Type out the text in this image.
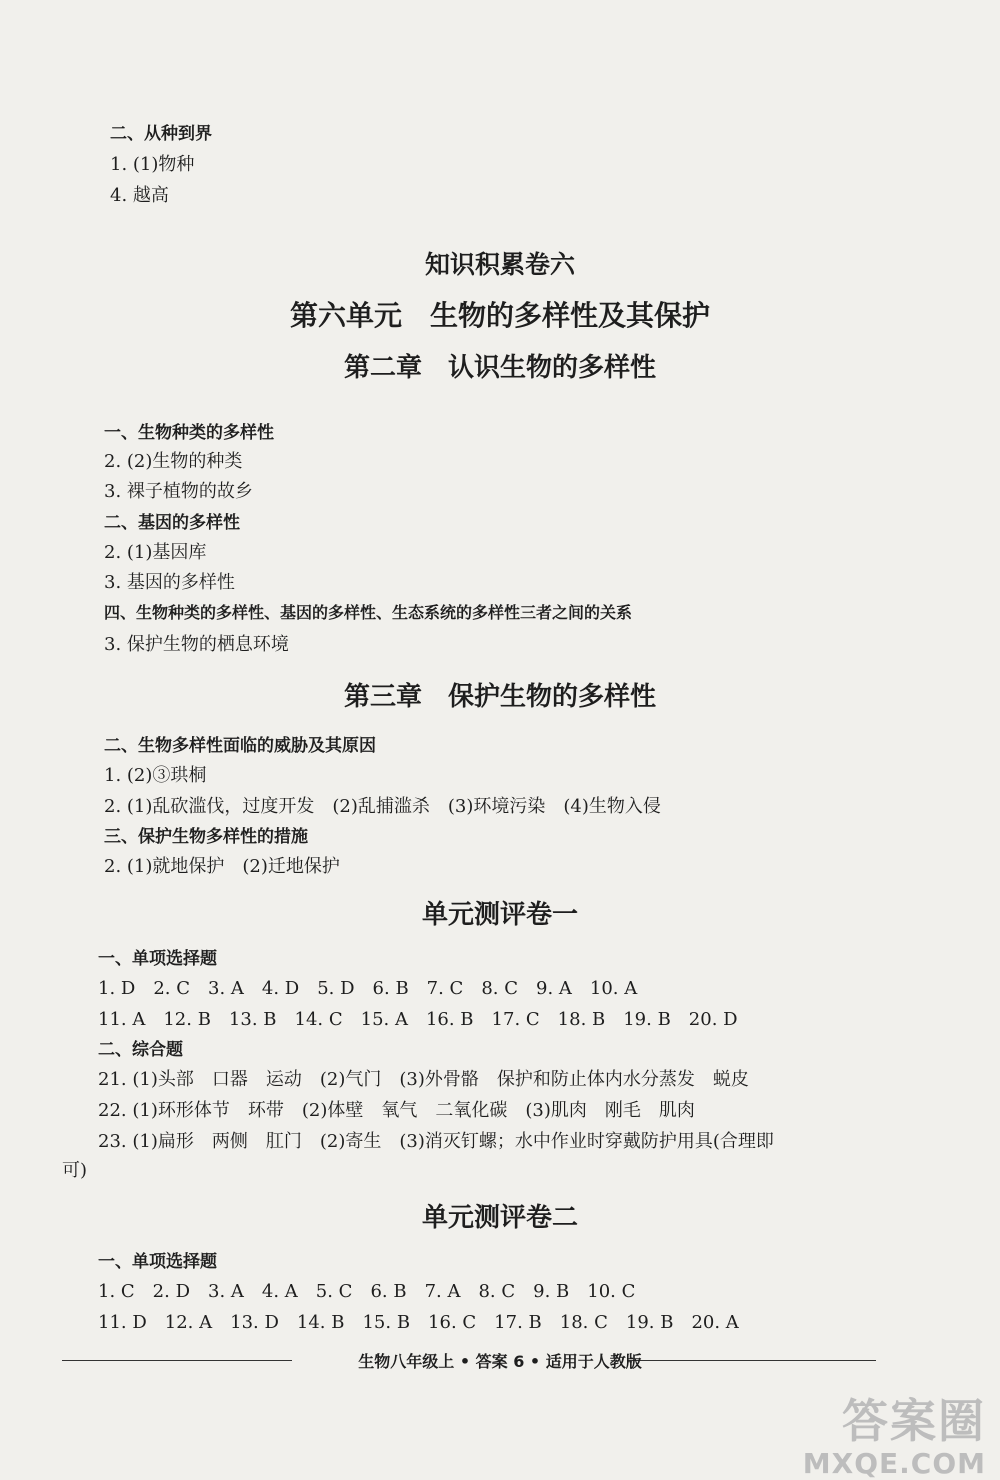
二、从种到界
1. (1)物种
4. 越高
知识积累卷六
第六单元　生物的多样性及其保护
第二章　认识生物的多样性
一、生物种类的多样性
2. (2)生物的种类
3. 裸子植物的故乡
二、基因的多样性
2. (1)基因库
3. 基因的多样性
四、生物种类的多样性、基因的多样性、生态系统的多样性三者之间的关系
3. 保护生物的栖息环境
第三章　保护生物的多样性
二、生物多样性面临的威胁及其原因
1. (2)③珙桐
2. (1)乱砍滥伐，过度开发　(2)乱捕滥杀　(3)环境污染　(4)生物入侵
三、保护生物多样性的措施
2. (1)就地保护　(2)迁地保护
单元测评卷一
一、单项选择题
1. D　2. C　3. A　4. D　5. D　6. B　7. C　8. C　9. A　10. A
11. A　12. B　13. B　14. C　15. A　16. B　17. C　18. B　19. B　20. D
二、综合题
21. (1)头部　口器　运动　(2)气门　(3)外骨骼　保护和防止体内水分蒸发　蜕皮
22. (1)环形体节　环带　(2)体壁　氧气　二氧化碳　(3)肌肉　刚毛　肌肉
23. (1)扁形　两侧　肛门　(2)寄生　(3)消灭钉螺；水中作业时穿戴防护用具(合理即
可)
单元测评卷二
一、单项选择题
1. C　2. D　3. A　4. A　5. C　6. B　7. A　8. C　9. B　10. C
11. D　12. A　13. D　14. B　15. B　16. C　17. B　18. C　19. B　20. A
生物八年级上 • 答案 6 • 适用于人教版
答案圈
MXQE.COM
